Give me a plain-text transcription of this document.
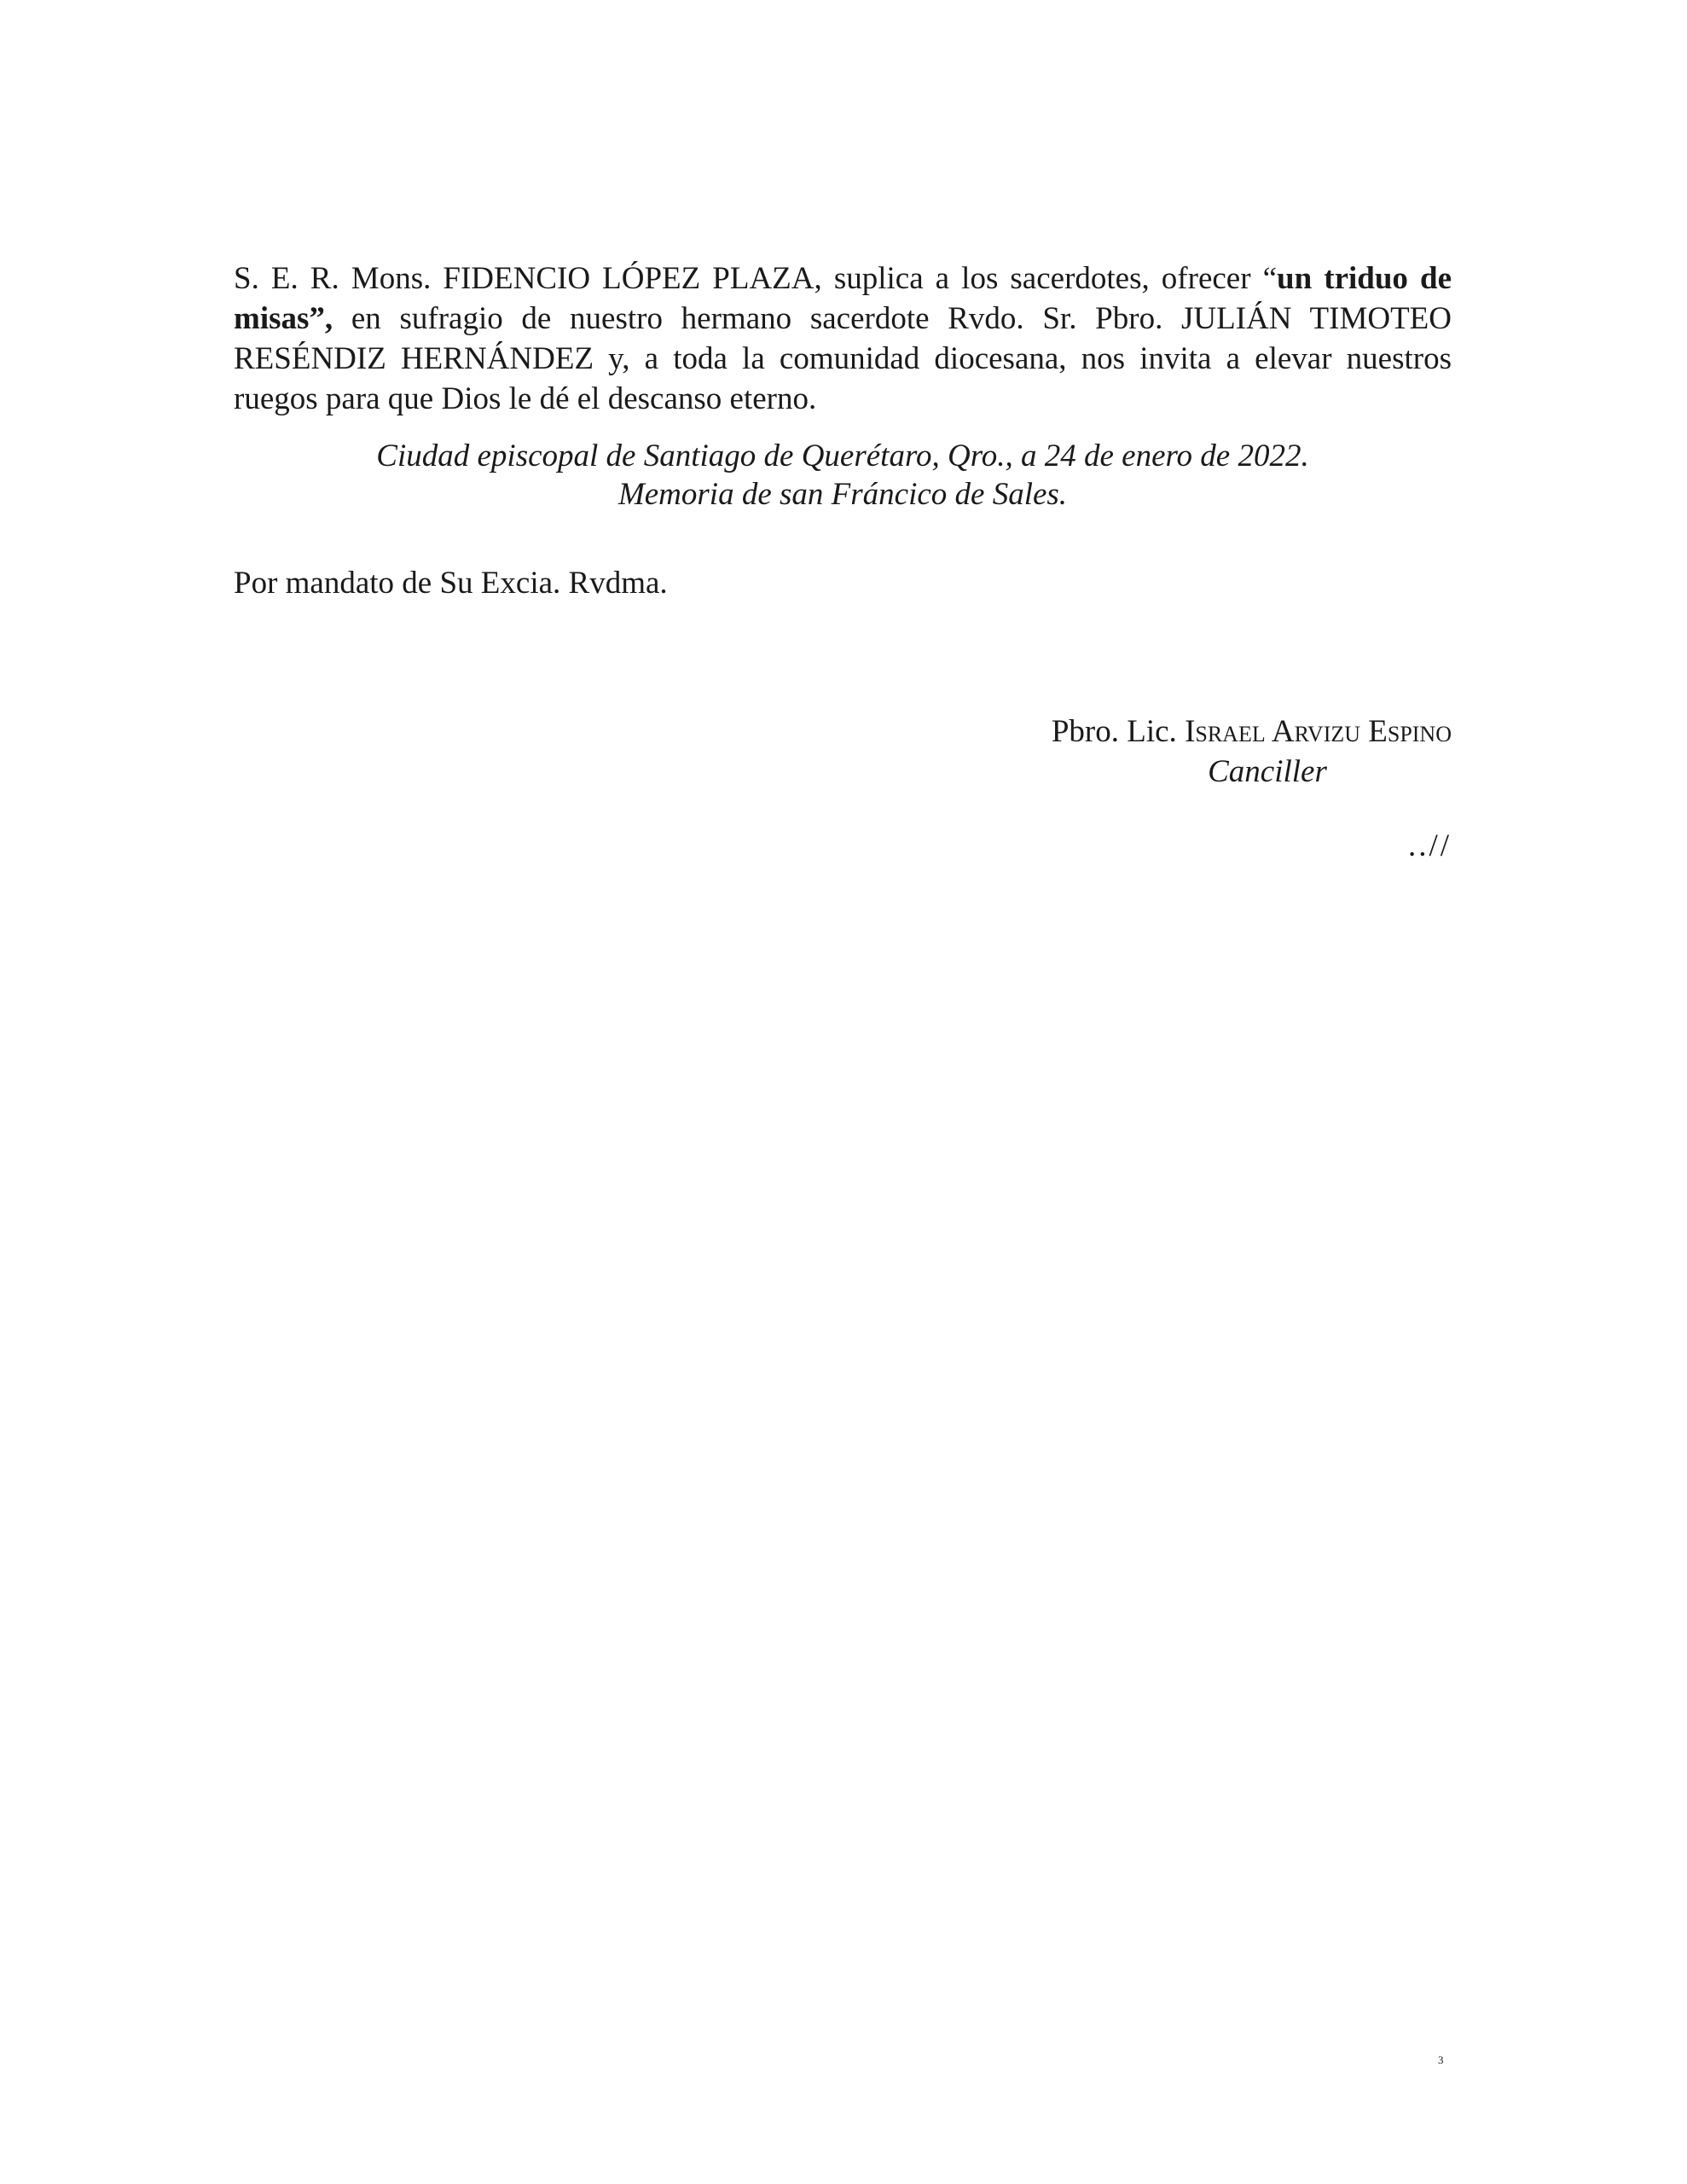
S. E. R. Mons. FIDENCIO LÓPEZ PLAZA, suplica a los sacerdotes, ofrecer “un triduo de misas”, en sufragio de nuestro hermano sacerdote Rvdo. Sr. Pbro. JULIÁN TIMOTEO RESÉNDIZ HERNÁNDEZ y, a toda la comunidad diocesana, nos invita a elevar nuestros ruegos para que Dios le dé el descanso eterno.

Ciudad episcopal de Santiago de Querétaro, Qro., a 24 de enero de 2022.
Memoria de san Fráncico de Sales.
Por mandato de Su Excia. Rvdma.
Pbro. Lic. Israel Arvizu Espino
Canciller
..//
3
